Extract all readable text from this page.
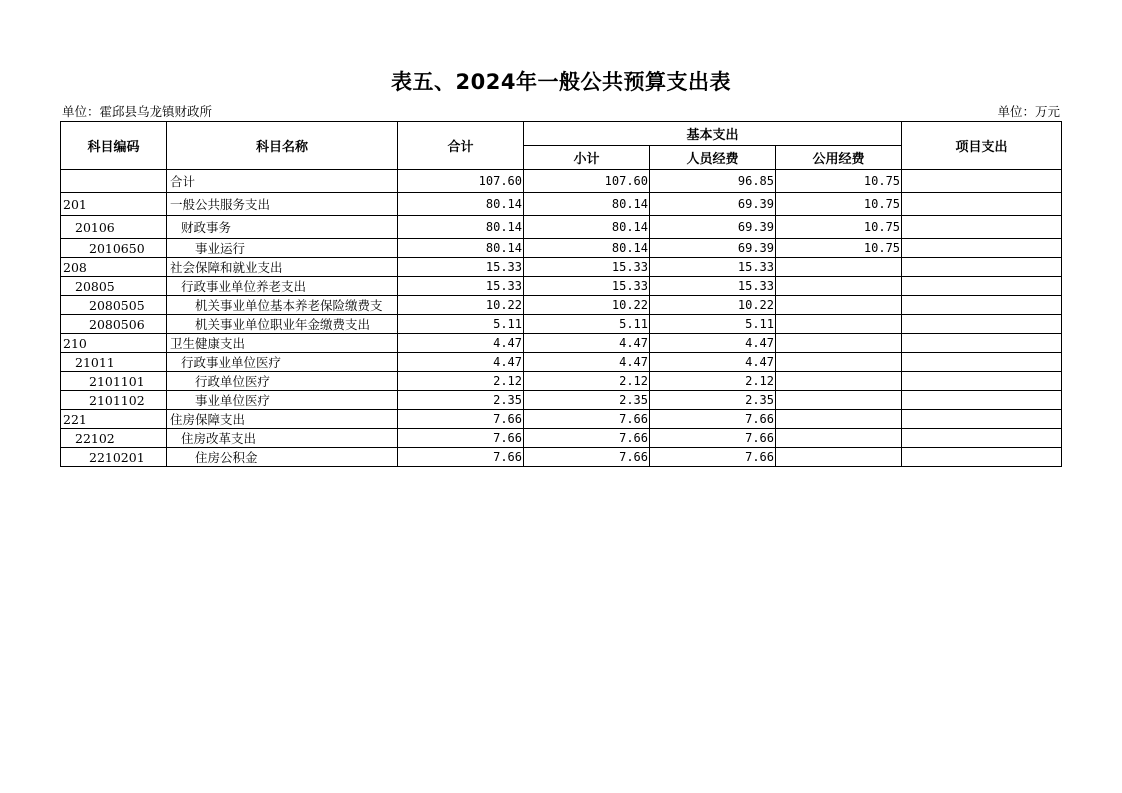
表五、2024年一般公共预算支出表
单位：霍邱县乌龙镇财政所	单位：万元
科目编码	科目名称	合计	基本支出			项目支出
			小计	人员经费	公用经费	
	合计	107.60	107.60	96.85	10.75	
201	一般公共服务支出	80.14	80.14	69.39	10.75	
20106	财政事务	80.14	80.14	69.39	10.75	
2010650	事业运行	80.14	80.14	69.39	10.75	
208	社会保障和就业支出	15.33	15.33	15.33		
20805	行政事业单位养老支出	15.33	15.33	15.33		
2080505	机关事业单位基本养老保险缴费支	10.22	10.22	10.22		
2080506	机关事业单位职业年金缴费支出	5.11	5.11	5.11		
210	卫生健康支出	4.47	4.47	4.47		
21011	行政事业单位医疗	4.47	4.47	4.47		
2101101	行政单位医疗	2.12	2.12	2.12		
2101102	事业单位医疗	2.35	2.35	2.35		
221	住房保障支出	7.66	7.66	7.66		
22102	住房改革支出	7.66	7.66	7.66		
2210201	住房公积金	7.66	7.66	7.66		
